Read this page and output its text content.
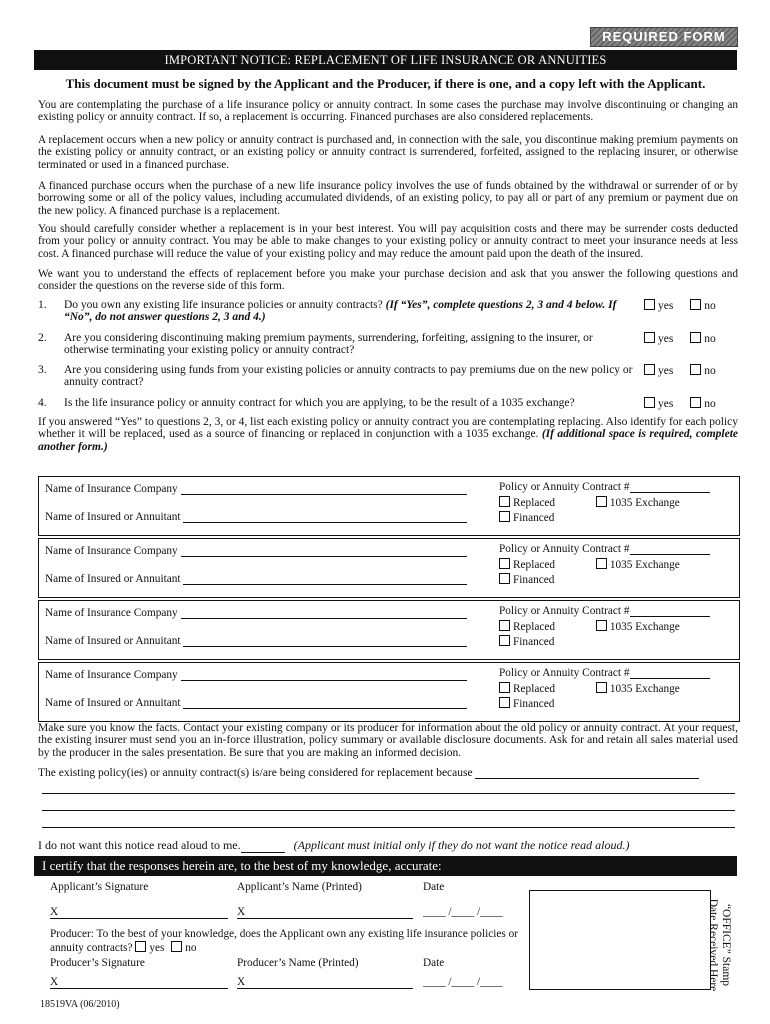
REQUIRED FORM
IMPORTANT NOTICE: REPLACEMENT OF LIFE INSURANCE OR ANNUITIES
This document must be signed by the Applicant and the Producer, if there is one, and a copy left with the Applicant.
You are contemplating the purchase of a life insurance policy or annuity contract. In some cases the purchase may involve discontinuing or changing an existing policy or annuity contract. If so, a replacement is occurring. Financed purchases are also considered replacements.
A replacement occurs when a new policy or annuity contract is purchased and, in connection with the sale, you discontinue making premium payments on the existing policy or annuity contract, or an existing policy or annuity contract is surrendered, forfeited, assigned to the replacing insurer, or otherwise terminated or used in a financed purchase.
A financed purchase occurs when the purchase of a new life insurance policy involves the use of funds obtained by the withdrawal or surrender of or by borrowing some or all of the policy values, including accumulated dividends, of an existing policy, to pay all or part of any premium or payment due on the new policy. A financed purchase is a replacement.
You should carefully consider whether a replacement is in your best interest. You will pay acquisition costs and there may be surrender costs deducted from your policy or annuity contract. You may be able to make changes to your existing policy or annuity contract to meet your insurance needs at less cost. A financed purchase will reduce the value of your existing policy and may reduce the amount paid upon the death of the insured.
We want you to understand the effects of replacement before you make your purchase decision and ask that you answer the following questions and consider the questions on the reverse side of this form.
1.	Do you own any existing life insurance policies or annuity contracts? (If “Yes”, complete questions 2, 3 and 4 below. If “No”, do not answer questions 2, 3 and 4.)
yes	no
2.	Are you considering discontinuing making premium payments, surrendering, forfeiting, assigning to the insurer, or otherwise terminating your existing policy or annuity contract?
yes	no
3.	Are you considering using funds from your existing policies or annuity contracts to pay premiums due on the new policy or annuity contract?
yes	no
4.	Is the life insurance policy or annuity contract for which you are applying, to be the result of a 1035 exchange?	yes	no
If you answered “Yes” to questions 2, 3, or 4, list each existing policy or annuity contract you are contemplating replacing. Also identify for each policy whether it will be replaced, used as a source of financing or replaced in conjunction with a 1035 exchange. (If additional space is required, complete another form.)
Name of Insurance Company
Name of Insured or Annuitant
Policy or Annuity Contract #
Replaced	1035 Exchange
Financed
Name of Insurance Company
Name of Insured or Annuitant
Policy or Annuity Contract #
Replaced	1035 Exchange
Financed
Name of Insurance Company
Name of Insured or Annuitant
Policy or Annuity Contract #
Replaced	1035 Exchange
Financed
Name of Insurance Company
Name of Insured or Annuitant
Policy or Annuity Contract #
Replaced	1035 Exchange
Financed
Make sure you know the facts. Contact your existing company or its producer for information about the old policy or annuity contract. At your request, the existing insurer must send you an in-force illustration, policy summary or available disclosure documents. Ask for and retain all sales material used by the producer in the sales presentation. Be sure that you are making an informed decision.
The existing policy(ies) or annuity contract(s) is/are being considered for replacement because
I do not want this notice read aloud to me.	(Applicant must initial only if they do not want the notice read aloud.)
I certify that the responses herein are, to the best of my knowledge, accurate:
Applicant’s Signature	Applicant’s Name (Printed)	Date
X	X	____ /____ /____
Producer: To the best of your knowledge, does the Applicant own any existing life insurance policies or annuity contracts? yes no
Producer’s Signature	Producer’s Name (Printed)	Date
X	X	____ /____ /____	“OFFICE” Stamp Date Received Here
18519VA (06/2010)
